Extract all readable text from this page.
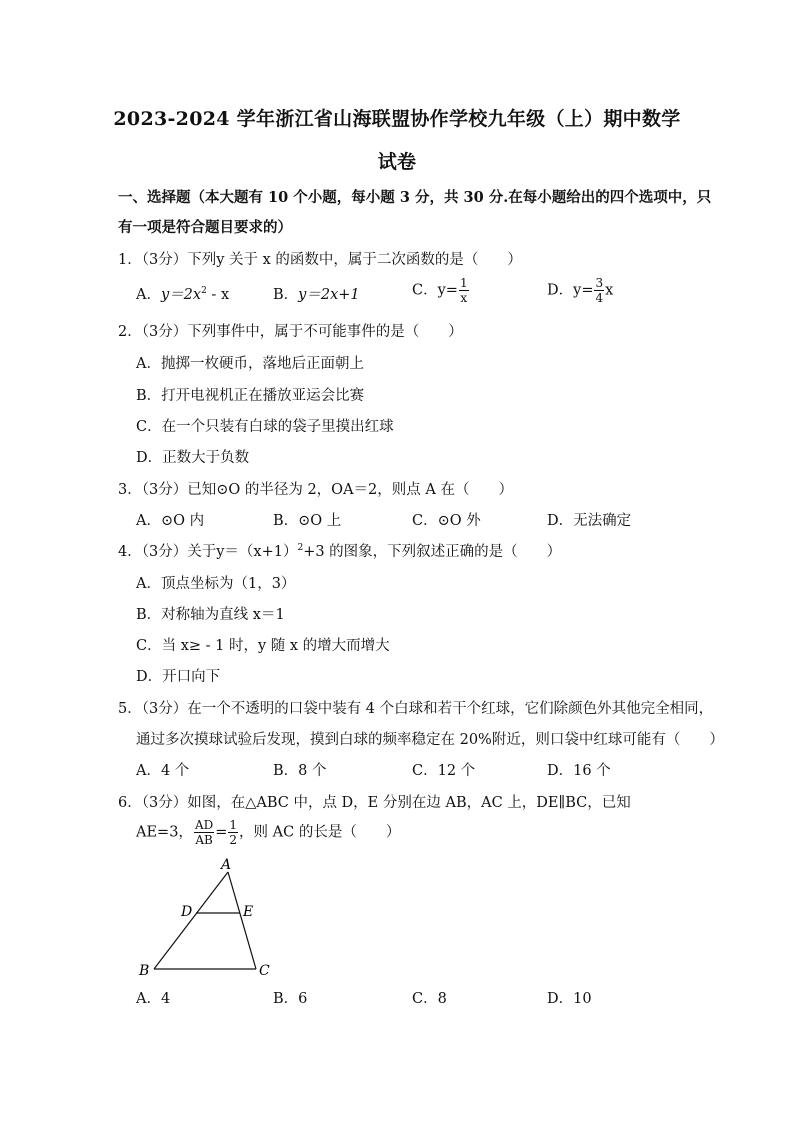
2023-2024 学年浙江省山海联盟协作学校九年级（上）期中数学
试卷
一、选择题（本大题有 10 个小题，每小题 3 分，共 30 分.在每小题给出的四个选项中，只
有一项是符合题目要求的）
1．（3分）下列y 关于 x 的函数中，属于二次函数的是（　　）
A．$y=2x^2 - x$	B．y＝2x+1	C．$y= \frac{1}{x}$	D．$y= \frac{3}{4}$ x
2．（3分）下列事件中，属于不可能事件的是（　　）
A．抛掷一枚硬币，落地后正面朝上
B．打开电视机正在播放亚运会比赛
C．在一个只装有白球的袋子里摸出红球
D．正数大于负数
3．（3分）已知⊙O 的半径为 2，OA＝2，则点 A 在（　　）
A．⊙O 内	B．⊙O 上	C．⊙O 外	D．无法确定
4．（3分）关于$y=(x+1)^2+3$ 的图象，下列叙述正确的是（　　）
A．顶点坐标为（1，3）
B．对称轴为直线 x＝1
C．当 x≥ - 1 时，y 随 x 的增大而增大
D．开口向下
5．（3分）在一个不透明的口袋中装有 4 个白球和若干个红球，它们除颜色外其他完全相同，
通过多次摸球试验后发现，摸到白球的频率稳定在 20%附近，则口袋中红球可能有（　　）
A．4 个	B．8 个	C．12 个	D．16 个
6．（3分）如图，在△ABC 中，点 D，E 分别在边 AB，AC 上，DE∥BC，已知
AE=3， $\frac{AD}{AB} = \frac{1}{2}$ ，则 AC 的长是（　　）
A
B	C
D	E
A．4	B．6	C．8	D．10
